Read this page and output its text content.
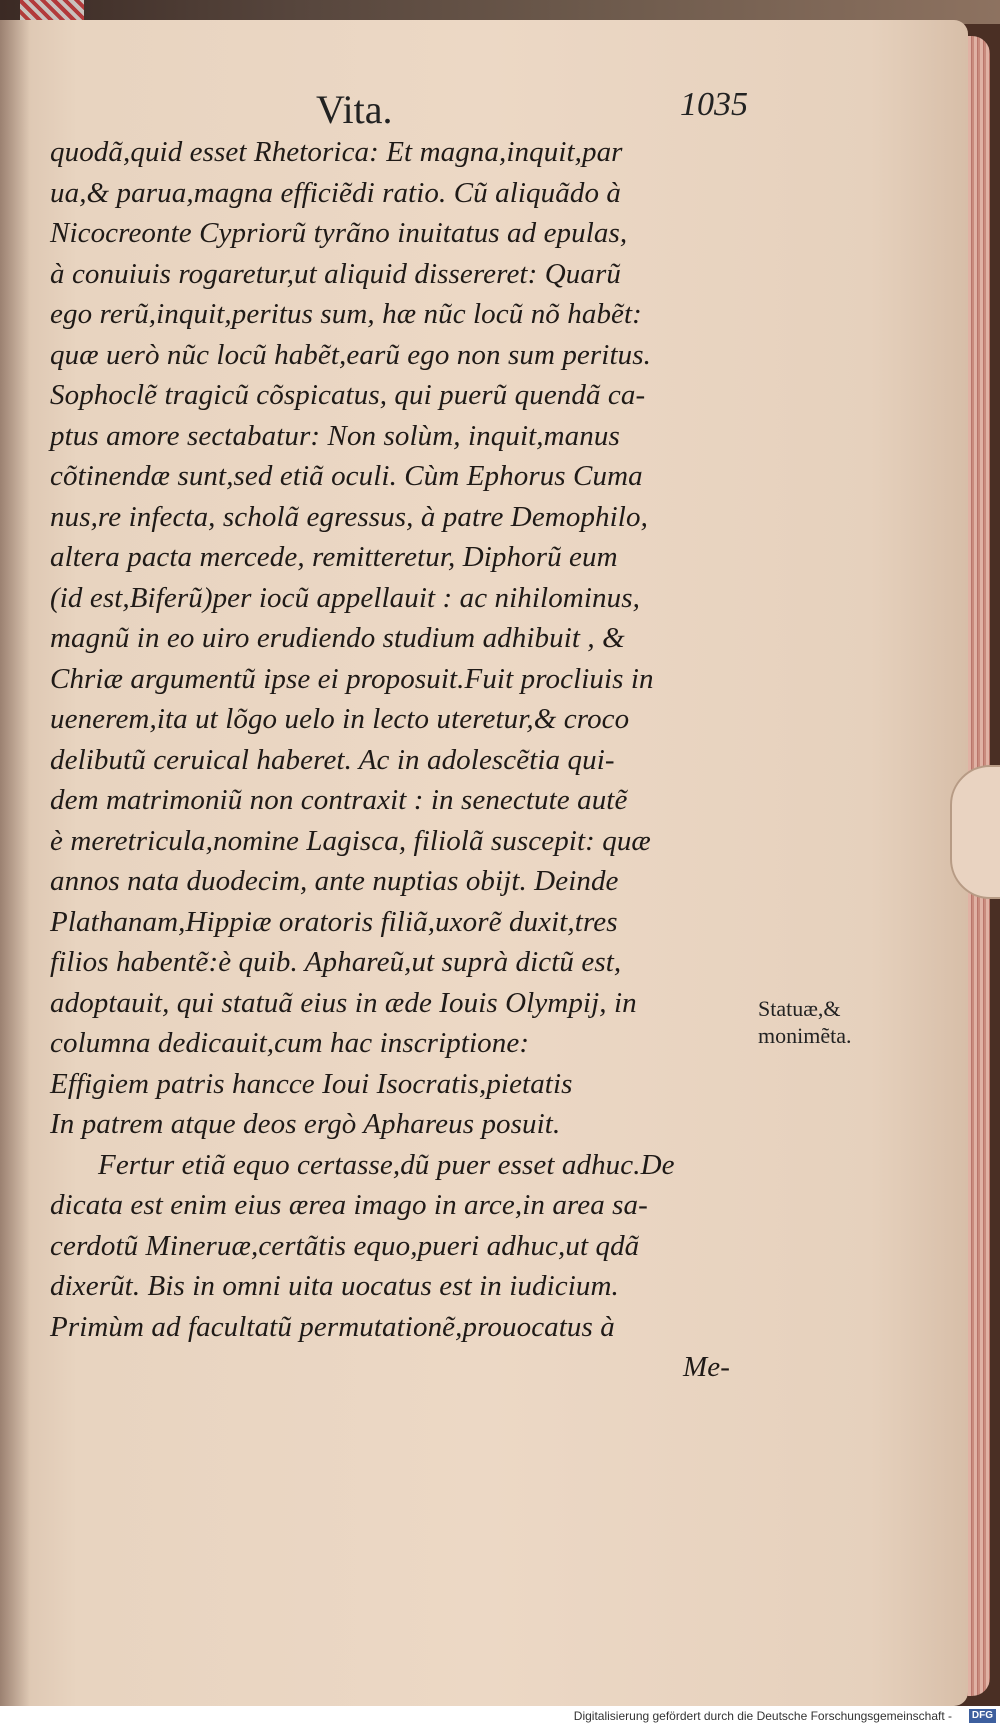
Vita.	1035
quodã,quid esset Rhetorica: Et magna,inquit,par
ua,& parua,magna efficiẽdi ratio. Cũ aliquãdo à
Nicocreonte Cypriorũ tyrãno inuitatus ad epulas,
à conuiuis rogaretur,ut aliquid dissereret: Quarũ
ego rerũ,inquit,peritus sum, hæ nũc locũ nõ habẽt:
quæ uerò nũc locũ habẽt,earũ ego non sum peritus.
Sophoclẽ tragicũ cõspicatus, qui puerũ quendã ca-
ptus amore sectabatur: Non solùm, inquit,manus
cõtinendæ sunt,sed etiã oculi. Cùm Ephorus Cuma
nus,re infecta, scholã egressus, à patre Demophilo,
altera pacta mercede, remitteretur, Diphorũ eum
(id est,Biferũ)per iocũ appellauit : ac nihilominus,
magnũ in eo uiro erudiendo studium adhibuit , &
Chriæ argumentũ ipse ei proposuit.Fuit procliuis in
uenerem,ita ut lõgo uelo in lecto uteretur,& croco
delibutũ ceruical haberet. Ac in adolescẽtia qui-
dem matrimoniũ non contraxit : in senectute autẽ
è meretricula,nomine Lagisca, filiolã suscepit: quæ
annos nata duodecim, ante nuptias obijt. Deinde
Plathanam,Hippiæ oratoris filiã,uxorẽ duxit,tres
filios habentẽ:è quib. Aphareũ,ut suprà dictũ est,
adoptauit, qui statuã eius in æde Iouis Olympij, in
columna dedicauit,cum hac inscriptione:
Effigiem patris hancce Ioui Isocratis,pietatis
In patrem atque deos ergò Aphareus posuit.
Fertur etiã equo certasse,dũ puer esset adhuc.De
dicata est enim eius ærea imago in arce,in area sa-
cerdotũ Mineruæ,certãtis equo,pueri adhuc,ut qdã
dixerũt. Bis in omni uita uocatus est in iudicium.
Primùm ad facultatũ permutationẽ,prouocatus à
Me-
Statuæ,&
monimẽta.
Digitalisierung gefördert durch die Deutsche Forschungsgemeinschaft -	DFG
